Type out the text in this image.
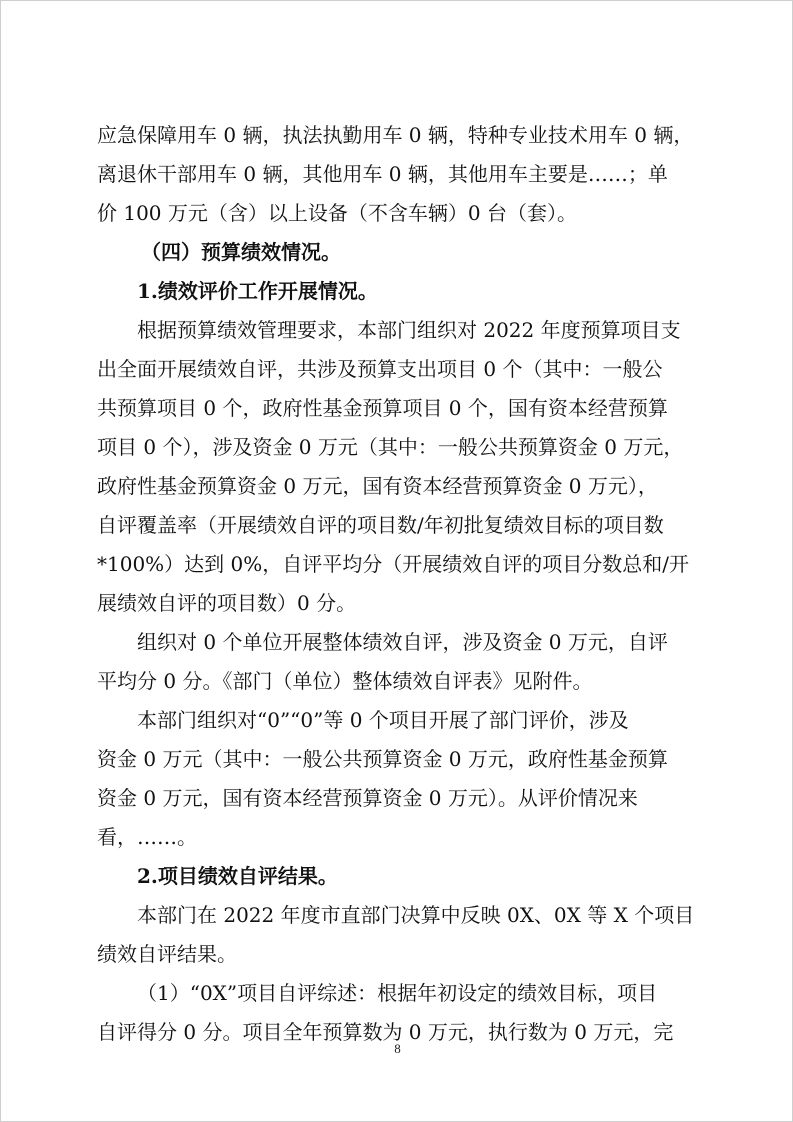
应急保障用车 0 辆，执法执勤用车 0 辆，特种专业技术用车 0 辆，
离退休干部用车 0 辆，其他用车 0 辆，其他用车主要是……；单
价 100 万元（含）以上设备（不含车辆）0 台（套）。
（四）预算绩效情况。
1.绩效评价工作开展情况。
根据预算绩效管理要求，本部门组织对 2022 年度预算项目支
出全面开展绩效自评，共涉及预算支出项目 0 个（其中：一般公
共预算项目 0 个，政府性基金预算项目 0 个，国有资本经营预算
项目 0 个），涉及资金 0 万元（其中：一般公共预算资金 0 万元，
政府性基金预算资金 0 万元，国有资本经营预算资金 0 万元），
自评覆盖率（开展绩效自评的项目数/年初批复绩效目标的项目数
*100%）达到 0%，自评平均分（开展绩效自评的项目分数总和/开
展绩效自评的项目数）0 分。
组织对 0 个单位开展整体绩效自评，涉及资金 0 万元，自评
平均分 0 分。《部门（单位）整体绩效自评表》见附件。
本部门组织对“0”“0”等 0 个项目开展了部门评价，涉及
资金 0 万元（其中：一般公共预算资金 0 万元，政府性基金预算
资金 0 万元，国有资本经营预算资金 0 万元）。从评价情况来
看，……。
2.项目绩效自评结果。
本部门在 2022 年度市直部门决算中反映 0X、0X 等 X 个项目
绩效自评结果。
（1）“0X”项目自评综述：根据年初设定的绩效目标，项目
自评得分 0 分。项目全年预算数为 0 万元，执行数为 0 万元，完
8
